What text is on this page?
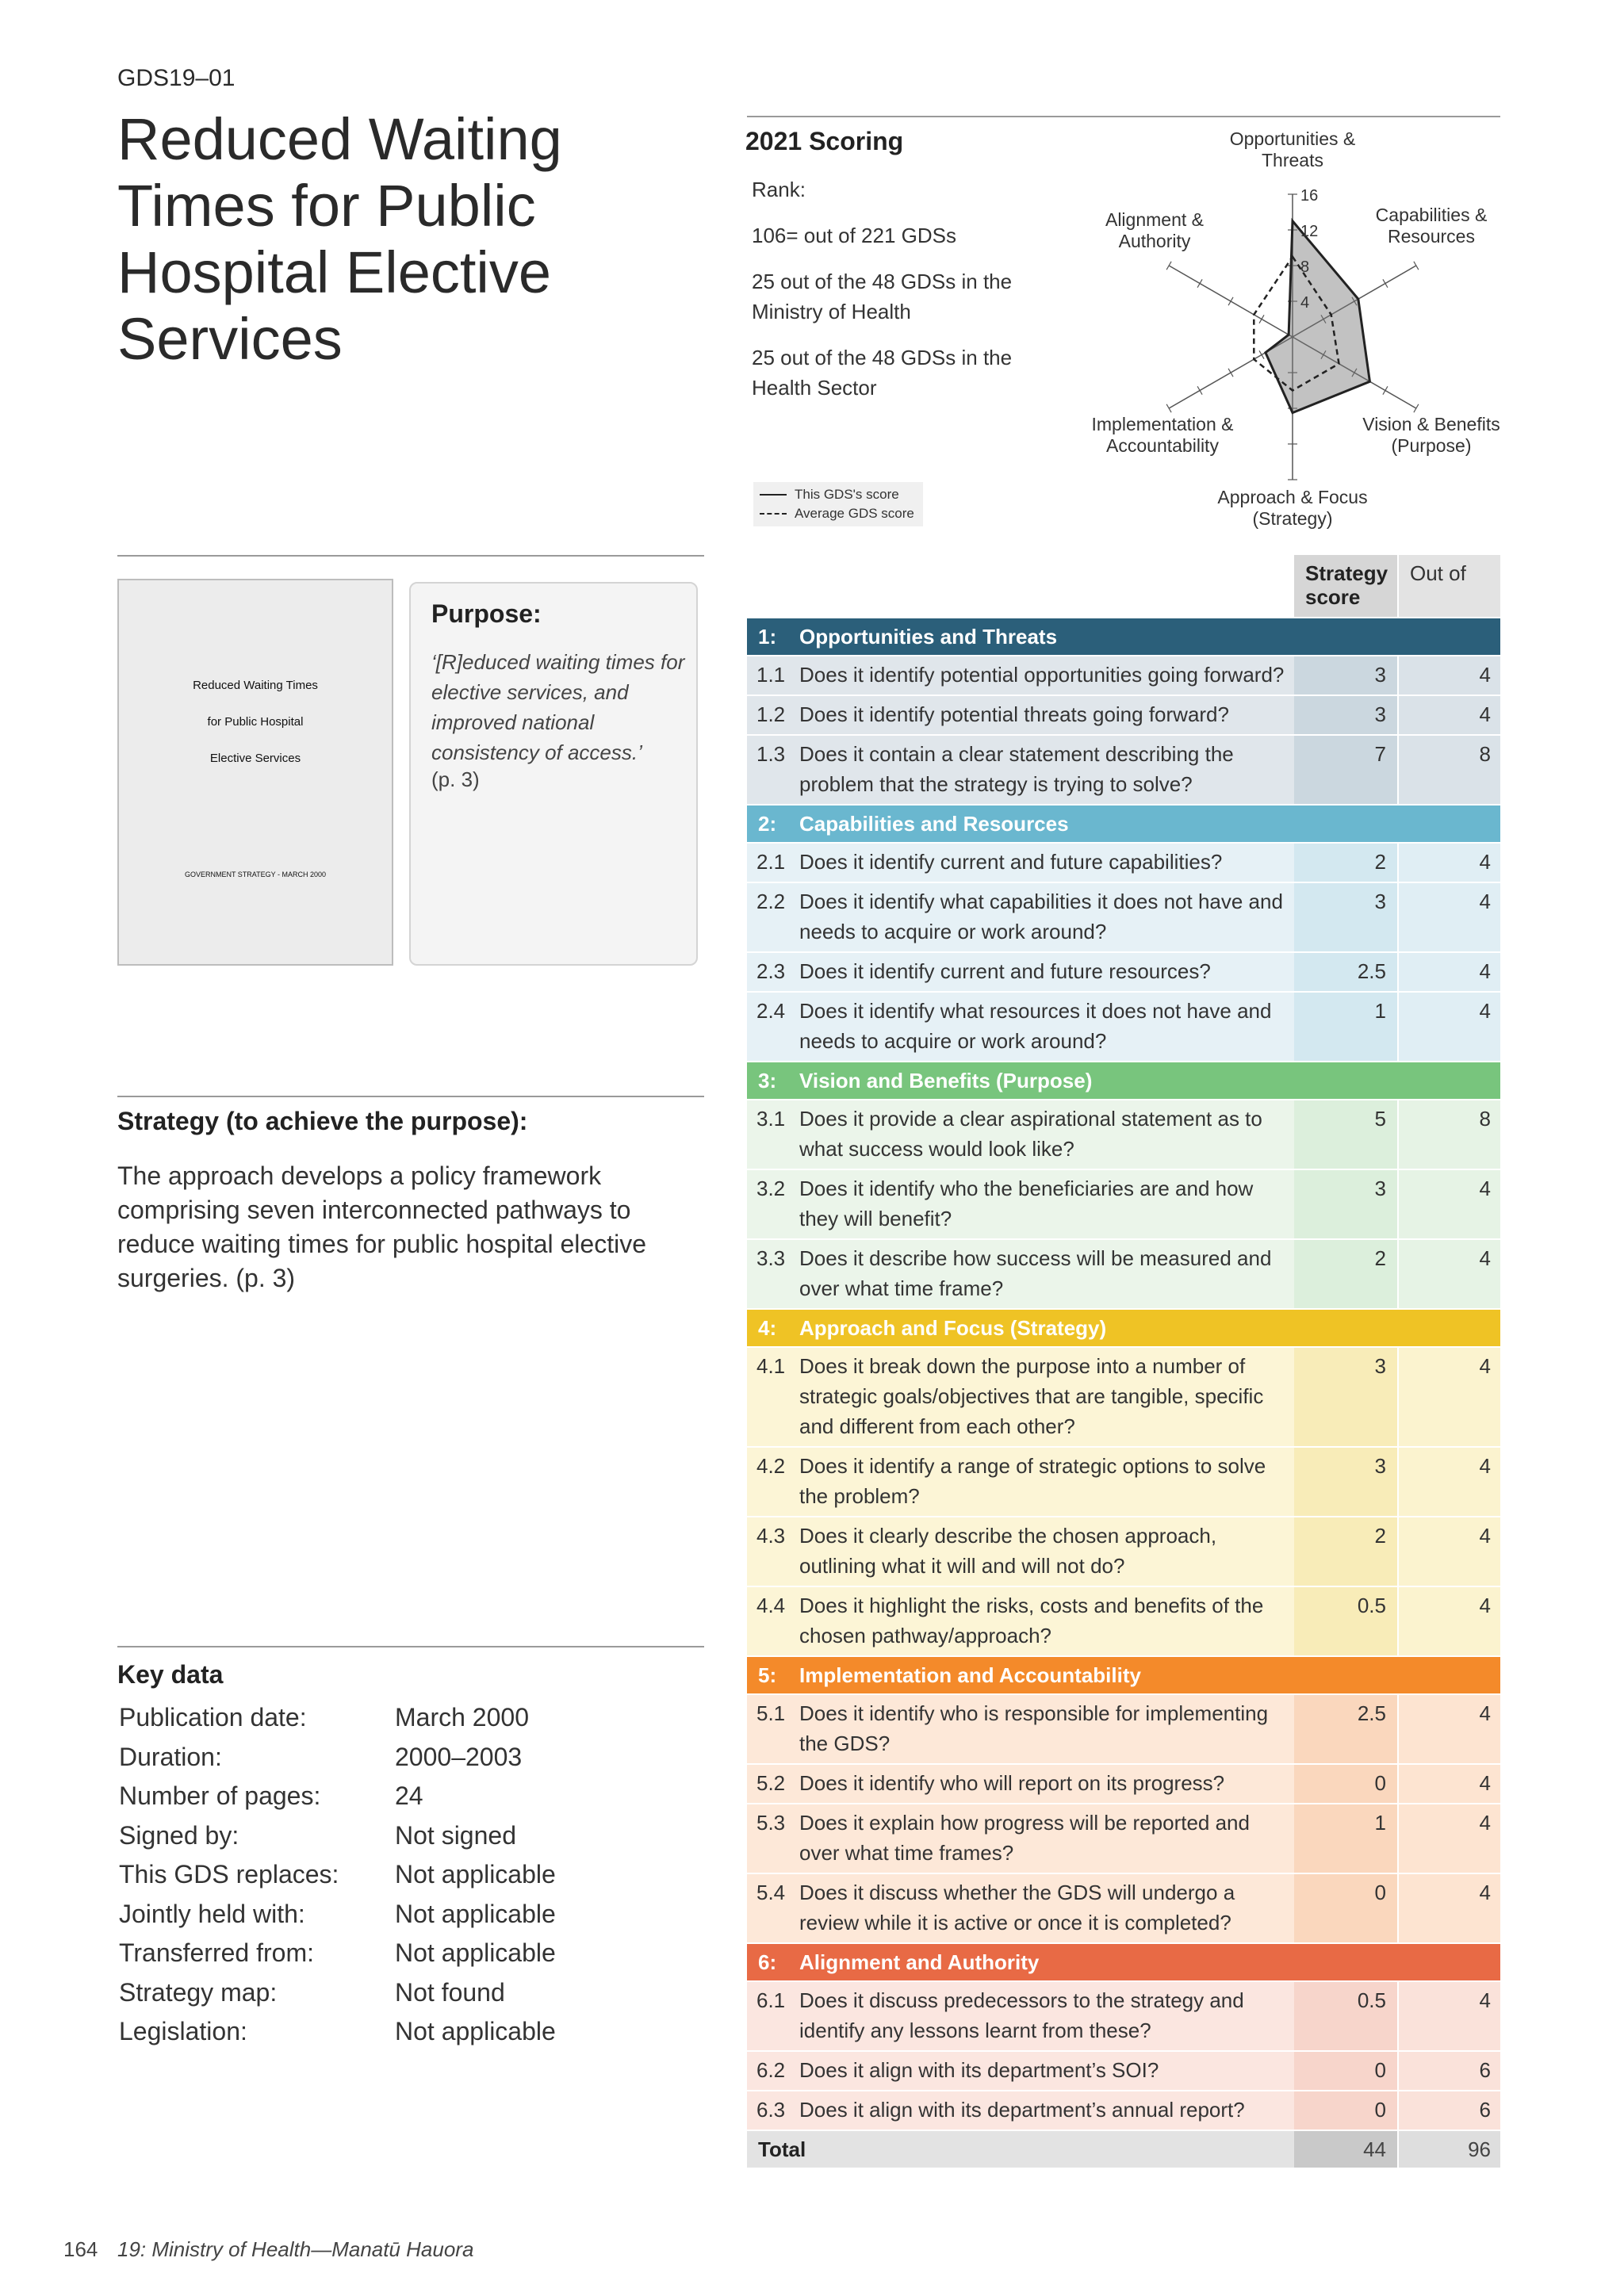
GDS19–01
Reduced Waiting Times for Public Hospital Elective Services
2021 Scoring
Rank:
106= out of 221 GDSs
25 out of the 48 GDSs in the Ministry of Health
25 out of the 48 GDSs in the Health Sector
4
8
12
16
Opportunities & Threats
Capabilities & Resources
Vision & Benefits (Purpose)
Approach & Focus (Strategy)
Implementation & Accountability
Alignment & Authority
This GDS's score
Average GDS score
Reduced Waiting Times
for Public Hospital
Elective Services
GOVERNMENT STRATEGY - MARCH 2000
Purpose:
‘[R]educed waiting times for elective services, and improved national consistency of access.’
(p. 3)
Strategy (to achieve the purpose):
The approach develops a policy framework comprising seven interconnected pathways to reduce waiting times for public hospital elective surgeries. (p. 3)
Key data
Publication date:	March 2000
Duration:	2000–2003
Number of pages:	24
Signed by:	Not signed
This GDS replaces: Not applicable
Jointly held with:	Not applicable
Transferred from:	Not applicable
Strategy map:	Not found
Legislation:	Not applicable
Strategy score
Out of
1:	Opportunities and Threats
1.1 Does it identify potential opportunities going forward?	3	4
1.2 Does it identify potential threats going forward?	3	4
1.3 Does it contain a clear statement describing the problem that the strategy is trying to solve?
7	8
2:	Capabilities and Resources
2.1 Does it identify current and future capabilities?	2	4
2.2 Does it identify what capabilities it does not have and needs to acquire or work around?
3	4
2.3 Does it identify current and future resources?	2.5	4
2.4 Does it identify what resources it does not have and needs to acquire or work around?
1	4
3:	Vision and Benefits (Purpose)
3.1 Does it provide a clear aspirational statement as to what success would look like?
5	8
3.2 Does it identify who the beneficiaries are and how they will benefit?
3	4
3.3 Does it describe how success will be measured and over what time frame?
2	4
4:	Approach and Focus (Strategy)
4.1 Does it break down the purpose into a number of strategic goals/objectives that are tangible, specific and different from each other?
3	4
4.2 Does it identify a range of strategic options to solve the problem?
3	4
4.3 Does it clearly describe the chosen approach, outlining what it will and will not do?
2	4
4.4 Does it highlight the risks, costs and benefits of the chosen pathway/approach?
0.5	4
5:	Implementation and Accountability
5.1 Does it identify who is responsible for implementing the GDS?
2.5	4
5.2 Does it identify who will report on its progress?	0	4
5.3 Does it explain how progress will be reported and over what time frames?
1	4
5.4 Does it discuss whether the GDS will undergo a review while it is active or once it is completed?
0	4
6:	Alignment and Authority
6.1 Does it discuss predecessors to the strategy and identify any lessons learnt from these?
0.5	4
6.2 Does it align with its department’s SOI?	0	6
6.3 Does it align with its department’s annual report?	0	6
Total	44	96
164 19: Ministry of Health—Manatū Hauora
